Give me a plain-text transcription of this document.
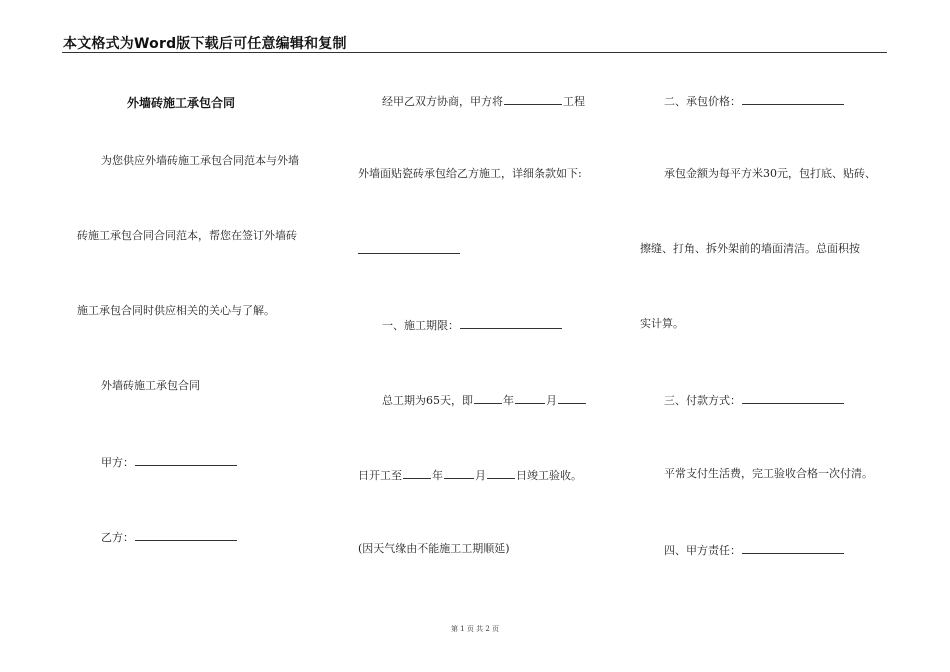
本文格式为Word版下载后可任意编辑和复制
外墙砖施工承包合同
为您供应外墙砖施工承包合同范本与外墙
砖施工承包合同合同范本，帮您在签订外墙砖
施工承包合同时供应相关的关心与了解。
外墙砖施工承包合同
甲方：
乙方：
经甲乙双方协商，甲方将	工程
外墙面贴瓷砖承包给乙方施工，详细条款如下:
一、施工期限：
总工期为65天，即	年	月
日开工至	年	月	日竣工验收。
(因天气缘由不能施工工期顺延)
二、承包价格：
承包金额为每平方米30元，包打底、贴砖、
擦缝、打角、拆外架前的墙面清洁。总面积按
实计算。
三、付款方式：
平常支付生活费，完工验收合格一次付清。
四、甲方责任：
第 1 页 共 2 页
